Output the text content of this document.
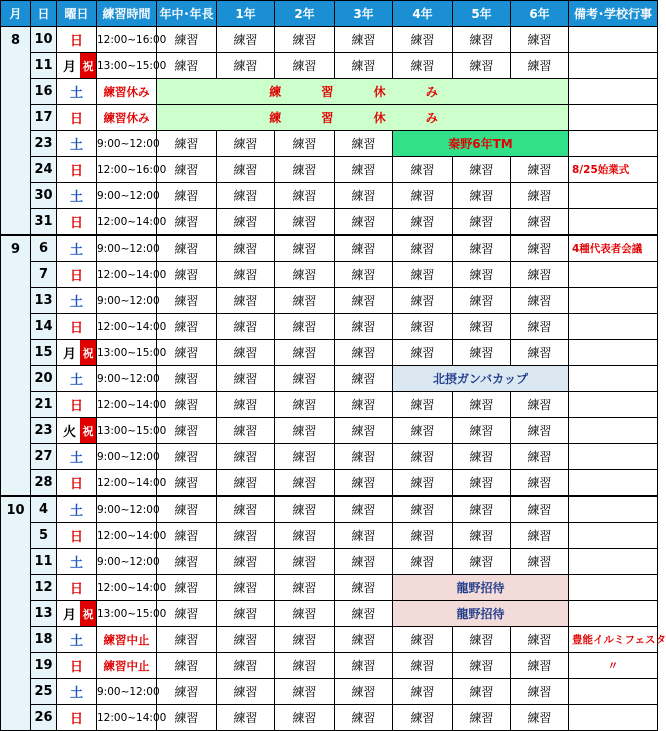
月	日	曜日	練習時間	年中･年長	1年	2年	3年	4年	5年	6年	備考･学校行事
8	10	日	12:00~16:00	練習	練習	練習	練習	練習	練習	練習	
	11	月 祝	13:00~15:00	練習	練習	練習	練習	練習	練習	練習	
	16	土	練習休み	練 習 休 み							
	17	日	練習休み	練 習 休 み							
	23	土	9:00~12:00	練習	練習	練習	練習	秦野6年TM			
	24	日	12:00~16:00	練習	練習	練習	練習	練習	練習	練習	8/25始業式
	30	土	9:00~12:00	練習	練習	練習	練習	練習	練習	練習	
	31	日	12:00~14:00	練習	練習	練習	練習	練習	練習	練習	
9	6	土	9:00~12:00	練習	練習	練習	練習	練習	練習	練習	4種代表者会議
	7	日	12:00~14:00	練習	練習	練習	練習	練習	練習	練習	
	13	土	9:00~12:00	練習	練習	練習	練習	練習	練習	練習	
	14	日	12:00~14:00	練習	練習	練習	練習	練習	練習	練習	
	15	月 祝	13:00~15:00	練習	練習	練習	練習	練習	練習	練習	
	20	土	9:00~12:00	練習	練習	練習	練習	北摂ガンバカップ			
	21	日	12:00~14:00	練習	練習	練習	練習	練習	練習	練習	
	23	火 祝	13:00~15:00	練習	練習	練習	練習	練習	練習	練習	
	27	土	9:00~12:00	練習	練習	練習	練習	練習	練習	練習	
	28	日	12:00~14:00	練習	練習	練習	練習	練習	練習	練習	
10	4	土	9:00~12:00	練習	練習	練習	練習	練習	練習	練習	
	5	日	12:00~14:00	練習	練習	練習	練習	練習	練習	練習	
	11	土	9:00~12:00	練習	練習	練習	練習	練習	練習	練習	
	12	日	12:00~14:00	練習	練習	練習	練習	龍野招待			
	13	月 祝	13:00~15:00	練習	練習	練習	練習	龍野招待			
	18	土	練習中止	練習	練習	練習	練習	練習	練習	練習	豊能イルミフェスタ
	19	日	練習中止	練習	練習	練習	練習	練習	練習	練習	〃
	25	土	9:00~12:00	練習	練習	練習	練習	練習	練習	練習	
	26	日	12:00~14:00	練習	練習	練習	練習	練習	練習	練習	
